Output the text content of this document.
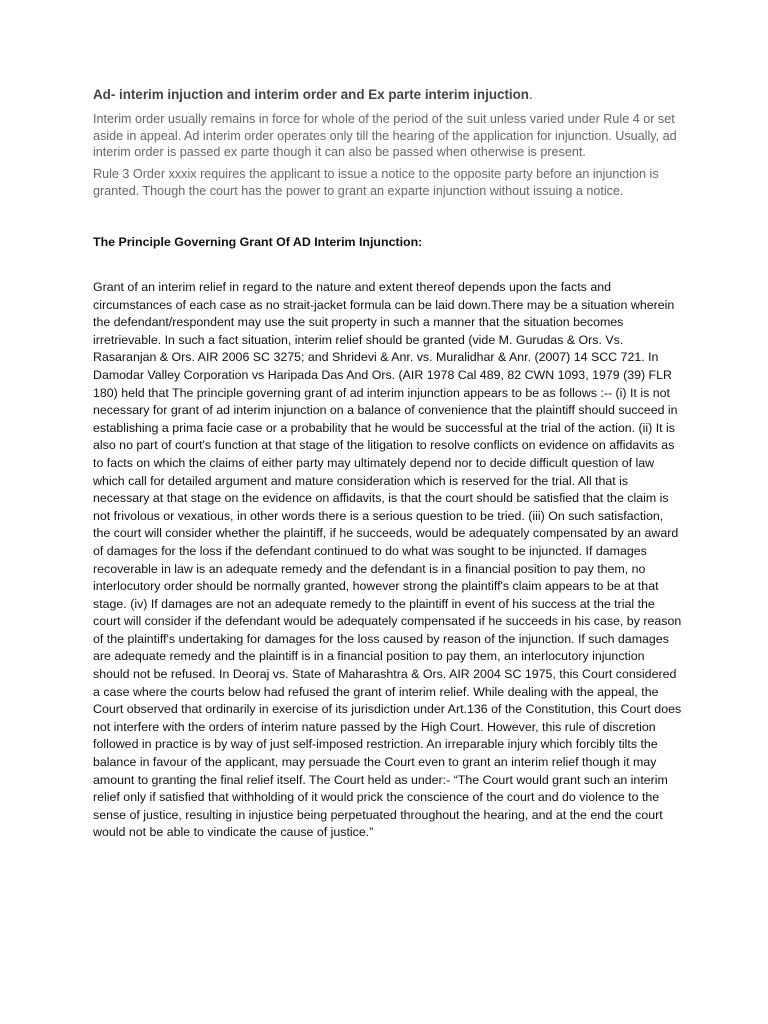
Ad- interim injuction and interim order and Ex parte interim injuction.

Interim order usually remains in force for whole of the period of the suit unless varied under Rule 4 or set aside in appeal. Ad interim order operates only till the hearing of the application for injunction. Usually, ad interim order is passed ex parte though it can also be passed when otherwise is present.

Rule 3 Order xxxix requires the applicant to issue a notice to the opposite party before an injunction is granted. Though the court has the power to grant an exparte injunction without issuing a notice.

The Principle Governing Grant Of AD Interim Injunction:

Grant of an interim relief in regard to the nature and extent thereof depends upon the facts and circumstances of each case as no strait-jacket formula can be laid down.There may be a situation wherein the defendant/respondent may use the suit property in such a manner that the situation becomes irretrievable. In such a fact situation, interim relief should be granted (vide M. Gurudas & Ors. Vs. Rasaranjan & Ors. AIR 2006 SC 3275; and Shridevi & Anr. vs. Muralidhar & Anr. (2007) 14 SCC 721. In Damodar Valley Corporation vs Haripada Das And Ors. (AIR 1978 Cal 489, 82 CWN 1093, 1979 (39) FLR 180) held that The principle governing grant of ad interim injunction appears to be as follows :-- (i) It is not necessary for grant of ad interim injunction on a balance of convenience that the plaintiff should succeed in establishing a prima facie case or a probability that he would be successful at the trial of the action. (ii) It is also no part of court's function at that stage of the litigation to resolve conflicts on evidence on affidavits as to facts on which the claims of either party may ultimately depend nor to decide difficult question of law which call for detailed argument and mature consideration which is reserved for the trial. All that is necessary at that stage on the evidence on affidavits, is that the court should be satisfied that the claim is not frivolous or vexatious, in other words there is a serious question to be tried. (iii) On such satisfaction, the court will consider whether the plaintiff, if he succeeds, would be adequately compensated by an award of damages for the loss if the defendant continued to do what was sought to be injuncted. If damages recoverable in law is an adequate remedy and the defendant is in a financial position to pay them, no interlocutory order should be normally granted, however strong the plaintiff's claim appears to be at that stage. (iv) If damages are not an adequate remedy to the plaintiff in event of his success at the trial the court will consider if the defendant would be adequately compensated if he succeeds in his case, by reason of the plaintiff's undertaking for damages for the loss caused by reason of the injunction. If such damages are adequate remedy and the plaintiff is in a financial position to pay them, an interlocutory injunction should not be refused. In Deoraj vs. State of Maharashtra & Ors. AIR 2004 SC 1975, this Court considered a case where the courts below had refused the grant of interim relief. While dealing with the appeal, the Court observed that ordinarily in exercise of its jurisdiction under Art.136 of the Constitution, this Court does not interfere with the orders of interim nature passed by the High Court. However, this rule of discretion followed in practice is by way of just self-imposed restriction. An irreparable injury which forcibly tilts the balance in favour of the applicant, may persuade the Court even to grant an interim relief though it may amount to granting the final relief itself. The Court held as under:- “The Court would grant such an interim relief only if satisfied that withholding of it would prick the conscience of the court and do violence to the sense of justice, resulting in injustice being perpetuated throughout the hearing, and at the end the court would not be able to vindicate the cause of justice.”
